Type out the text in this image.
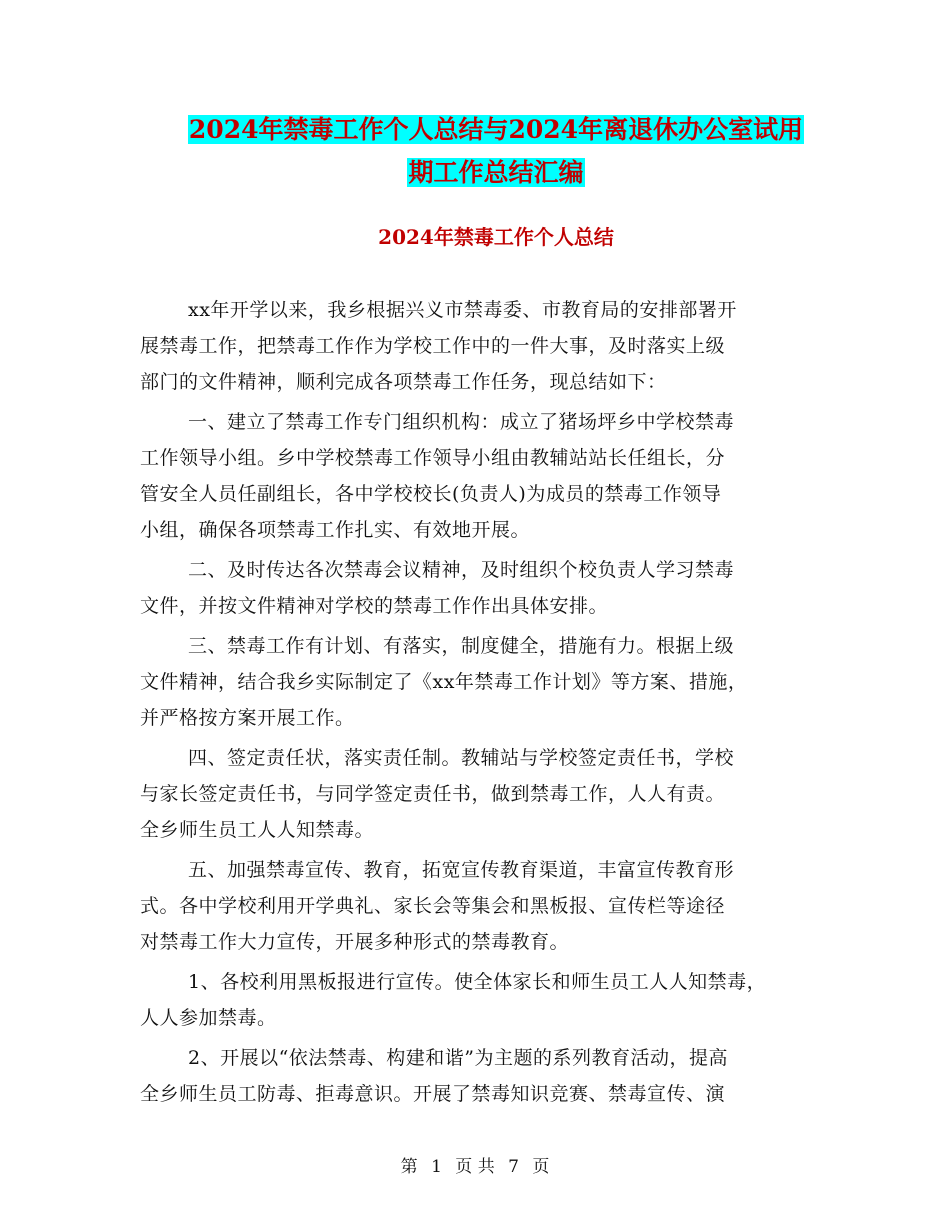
2024年禁毒工作个人总结与2024年离退休办公室试用
期工作总结汇编
2024年禁毒工作个人总结
xx年开学以来，我乡根据兴义市禁毒委、市教育局的安排部署开
展禁毒工作，把禁毒工作作为学校工作中的一件大事，及时落实上级
部门的文件精神，顺利完成各项禁毒工作任务，现总结如下：
一、建立了禁毒工作专门组织机构：成立了猪场坪乡中学校禁毒
工作领导小组。乡中学校禁毒工作领导小组由教辅站站长任组长，分
管安全人员任副组长，各中学校校长(负责人)为成员的禁毒工作领导
小组，确保各项禁毒工作扎实、有效地开展。
二、及时传达各次禁毒会议精神，及时组织个校负责人学习禁毒
文件，并按文件精神对学校的禁毒工作作出具体安排。
三、禁毒工作有计划、有落实，制度健全，措施有力。根据上级
文件精神，结合我乡实际制定了《xx年禁毒工作计划》等方案、措施，
并严格按方案开展工作。
四、签定责任状，落实责任制。教辅站与学校签定责任书，学校
与家长签定责任书，与同学签定责任书，做到禁毒工作，人人有责。
全乡师生员工人人知禁毒。
五、加强禁毒宣传、教育，拓宽宣传教育渠道，丰富宣传教育形
式。各中学校利用开学典礼、家长会等集会和黑板报、宣传栏等途径
对禁毒工作大力宣传，开展多种形式的禁毒教育。
1、各校利用黑板报进行宣传。使全体家长和师生员工人人知禁毒，
人人参加禁毒。
2、开展以“依法禁毒、构建和谐”为主题的系列教育活动，提高
全乡师生员工防毒、拒毒意识。开展了禁毒知识竞赛、禁毒宣传、演
第 1 页 共 7 页
